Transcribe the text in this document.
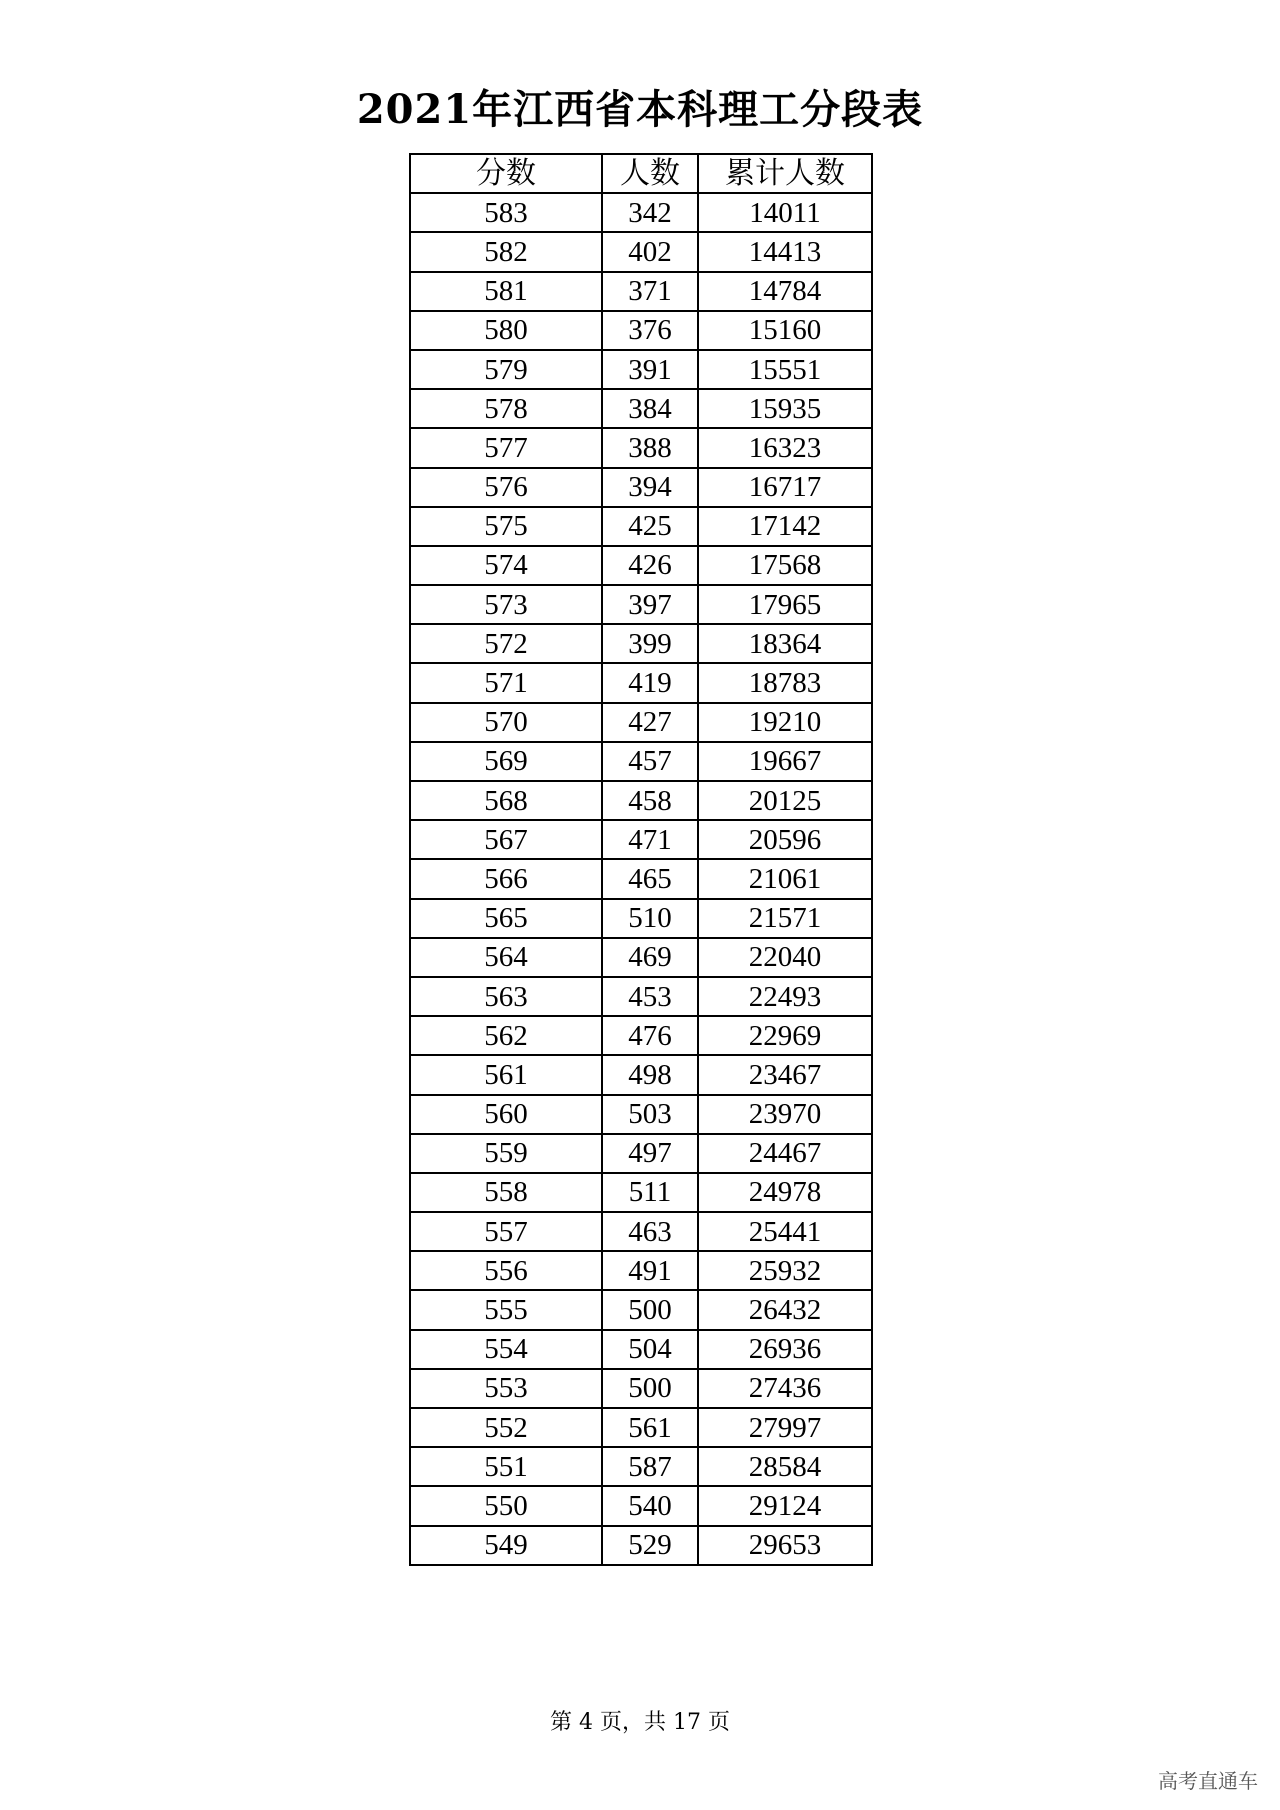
2021年江西省本科理工分段表
分数	人数	累计人数
583	342	14011
582	402	14413
581	371	14784
580	376	15160
579	391	15551
578	384	15935
577	388	16323
576	394	16717
575	425	17142
574	426	17568
573	397	17965
572	399	18364
571	419	18783
570	427	19210
569	457	19667
568	458	20125
567	471	20596
566	465	21061
565	510	21571
564	469	22040
563	453	22493
562	476	22969
561	498	23467
560	503	23970
559	497	24467
558	511	24978
557	463	25441
556	491	25932
555	500	26432
554	504	26936
553	500	27436
552	561	27997
551	587	28584
550	540	29124
549	529	29653
第 4 页，共 17 页
高考直通车
